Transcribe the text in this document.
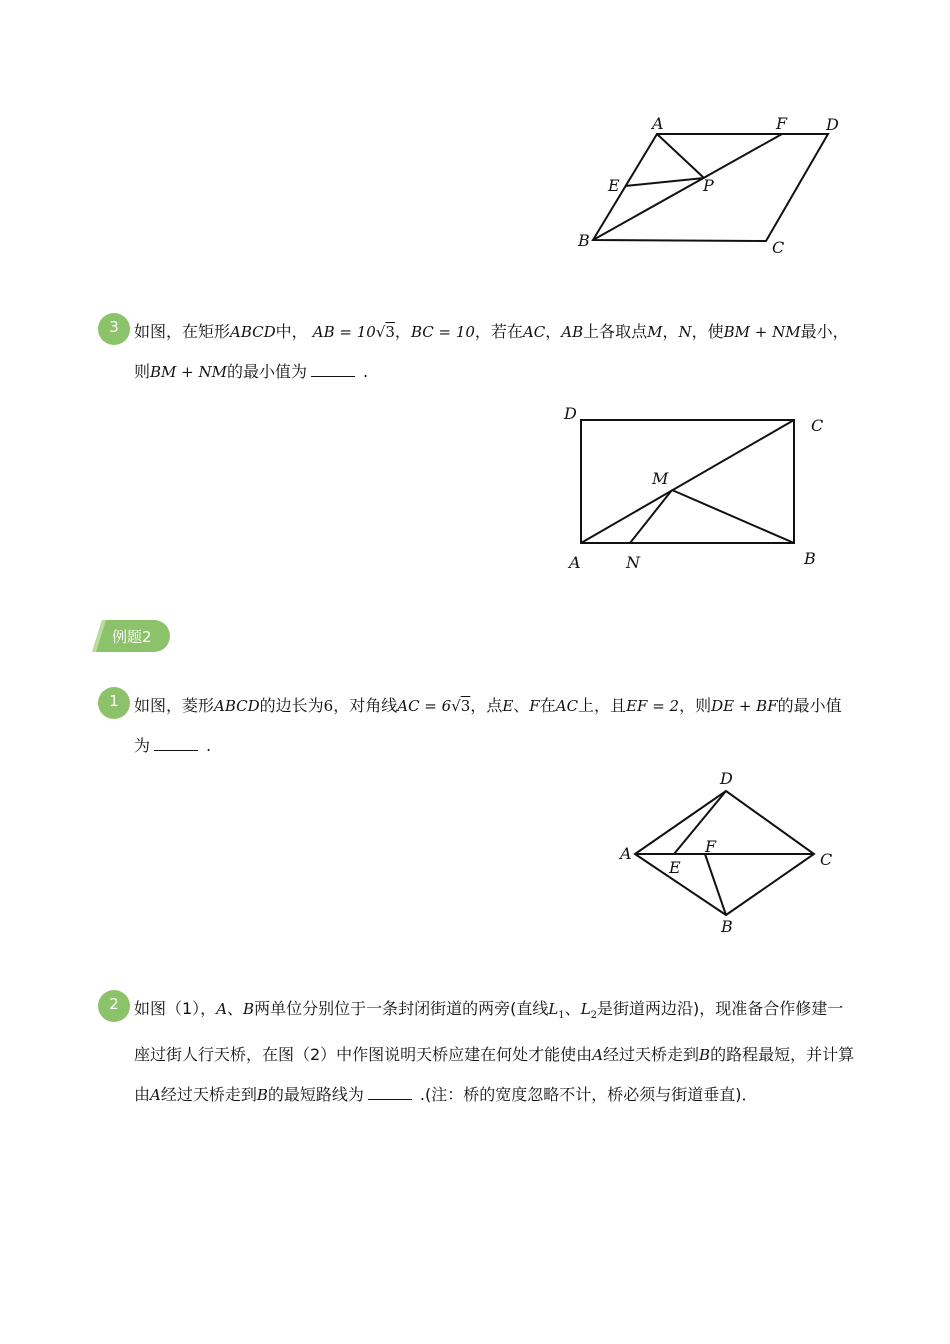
A	F D
E	P
B	C
3 如图，在矩形ABCD中， AB = 10√3，BC = 10，若在AC，AB上各取点M，N，使BM + NM最小，则BM + NM的最小值为	.
D
C
M
A	N	B
例题2
1 如图，菱形ABCD的边长为6，对角线AC = 6√3，点E、F在AC上，且EF = 2，则DE + BF的最小值为	.
D
A	F
E	C
B
2 如图（1），A、B两单位分别位于一条封闭街道的两旁(直线$L_1$、$L_2$是街道两边沿)，现准备合作修建一座过街人行天桥，在图（2）中作图说明天桥应建在何处才能使由A经过天桥走到B的路程最短，并计算由A经过天桥走到B的最短路线为	.(注：桥的宽度忽略不计，桥必须与街道垂直)．
